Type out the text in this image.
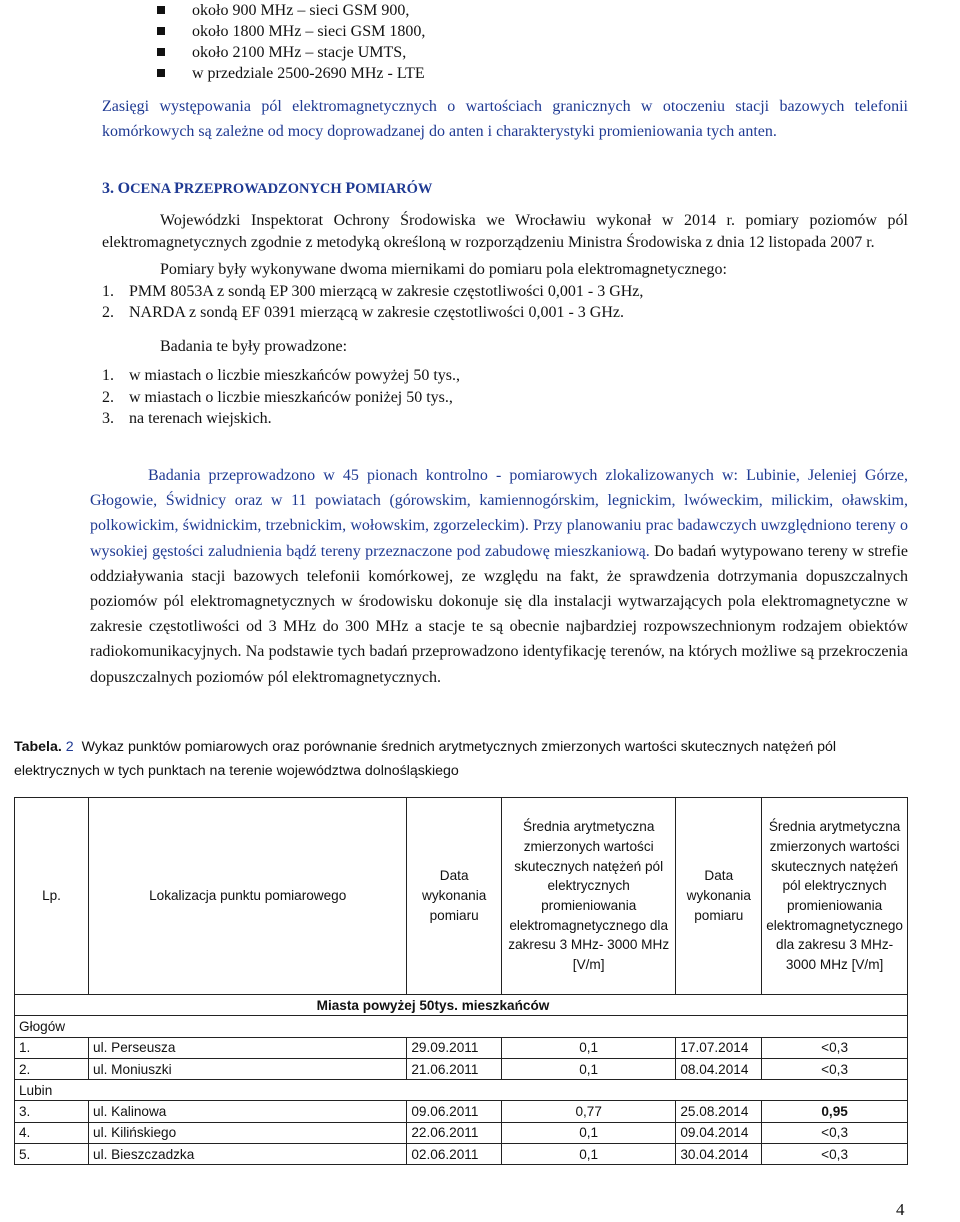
około 900 MHz – sieci GSM 900,
około 1800 MHz – sieci GSM 1800,
około 2100 MHz – stacje UMTS,
w przedziale 2500-2690 MHz - LTE

Zasięgi występowania pól elektromagnetycznych o wartościach granicznych w otoczeniu stacji bazowych telefonii komórkowych są zależne od mocy doprowadzanej do anten i charakterystyki promieniowania tych anten.

3. OCENA PRZEPROWADZONYCH POMIARÓW

Wojewódzki Inspektorat Ochrony Środowiska we Wrocławiu wykonał w 2014 r. pomiary poziomów pól elektromagnetycznych zgodnie z metodyką określoną w rozporządzeniu Ministra Środowiska z dnia 12 listopada 2007 r.

Pomiary były wykonywane dwoma miernikami do pomiaru pola elektromagnetycznego:

1. PMM 8053A z sondą EP 300 mierzącą w zakresie częstotliwości 0,001 - 3 GHz,
2. NARDA z sondą EF 0391 mierzącą w zakresie częstotliwości 0,001 - 3 GHz.

Badania te były prowadzone:

1. w miastach o liczbie mieszkańców powyżej 50 tys.,
2. w miastach o liczbie mieszkańców poniżej 50 tys.,
3. na terenach wiejskich.

Badania przeprowadzono w 45 pionach kontrolno - pomiarowych zlokalizowanych w: Lubinie, Jeleniej Górze, Głogowie, Świdnicy oraz w 11 powiatach (górowskim, kamiennogórskim, legnickim, lwóweckim, milickim, oławskim, polkowickim, świdnickim, trzebnickim, wołowskim, zgorzeleckim). Przy planowaniu prac badawczych uwzględniono tereny o wysokiej gęstości zaludnienia bądź tereny przeznaczone pod zabudowę mieszkaniową. Do badań wytypowano tereny w strefie oddziaływania stacji bazowych telefonii komórkowej, ze względu na fakt, że sprawdzenia dotrzymania dopuszczalnych poziomów pól elektromagnetycznych w środowisku dokonuje się dla instalacji wytwarzających pola elektromagnetyczne w zakresie częstotliwości od 3 MHz do 300 MHz a stacje te są obecnie najbardziej rozpowszechnionym rodzajem obiektów radiokomunikacyjnych. Na podstawie tych badań przeprowadzono identyfikację terenów, na których możliwe są przekroczenia dopuszczalnych poziomów pól elektromagnetycznych.

Tabela. 2 Wykaz punktów pomiarowych oraz porównanie średnich arytmetycznych zmierzonych wartości skutecznych natężeń pól elektrycznych w tych punktach na terenie województwa dolnośląskiego

Lp.	Lokalizacja punktu pomiarowego	Data wykonania pomiaru	Średnia arytmetyczna zmierzonych wartości skutecznych natężeń pól elektrycznych promieniowania elektromagnetycznego dla zakresu 3 MHz- 3000 MHz [V/m]	Data wykonania pomiaru	Średnia arytmetyczna zmierzonych wartości skutecznych natężeń pól elektrycznych promieniowania elektromagnetycznego dla zakresu 3 MHz- 3000 MHz [V/m]
Miasta powyżej 50tys. mieszkańców					
Głogów					
1.	ul. Perseusza	29.09.2011	0,1	17.07.2014	<0,3
2.	ul. Moniuszki	21.06.2011	0,1	08.04.2014	<0,3
Lubin					
3.	ul. Kalinowa	09.06.2011	0,77	25.08.2014	0,95
4.	ul. Kilińskiego	22.06.2011	0,1	09.04.2014	<0,3
5.	ul. Bieszczadzka	02.06.2011	0,1	30.04.2014	<0,3
4
